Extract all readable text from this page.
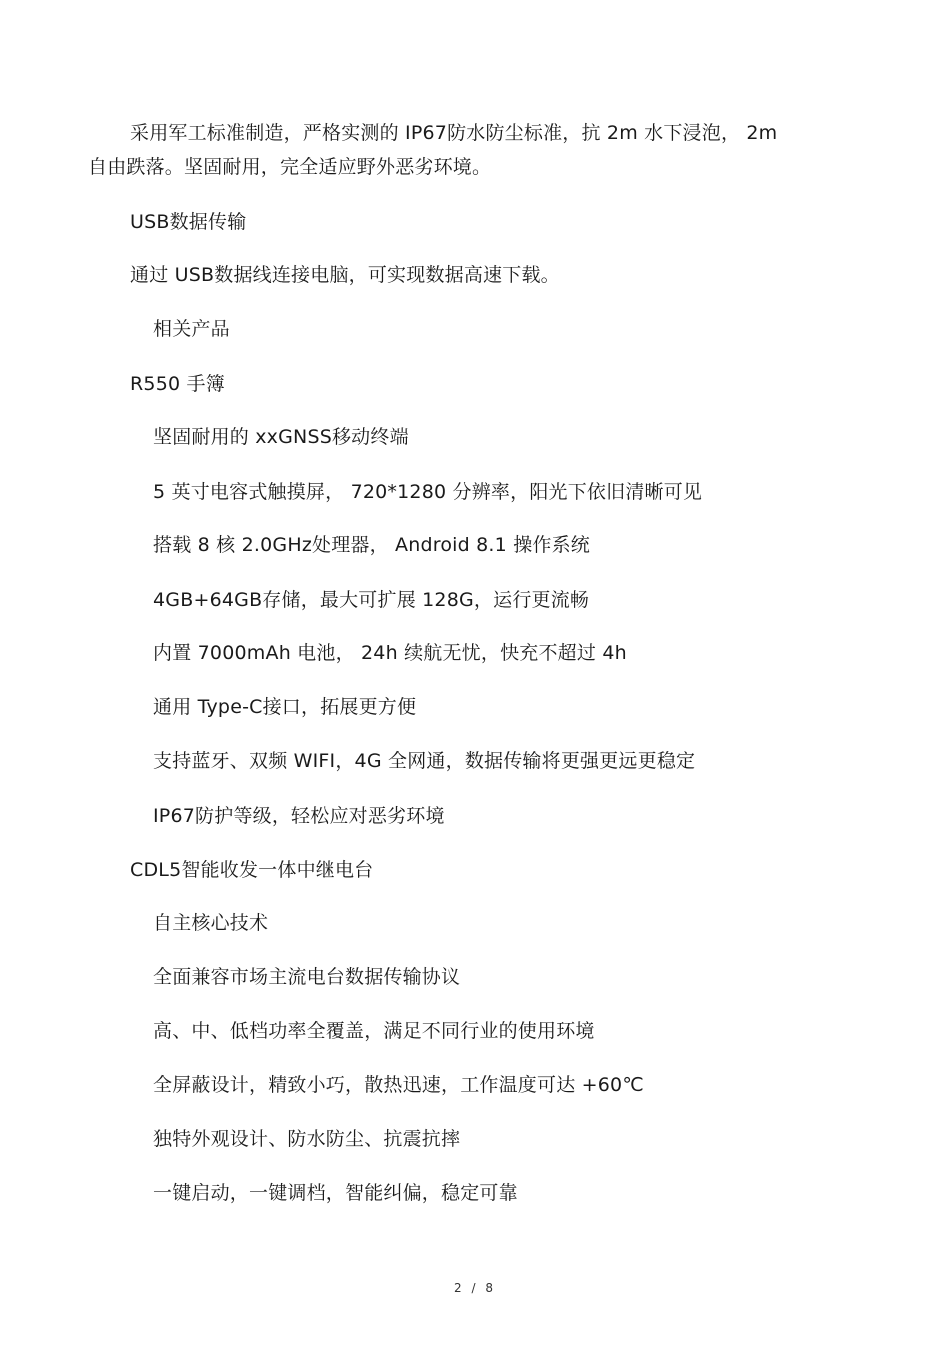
采用军工标准制造，严格实测的 IP67防水防尘标准，抗 2m 水下浸泡， 2m
自由跌落。坚固耐用，完全适应野外恶劣环境。
USB数据传输
通过 USB数据线连接电脑，可实现数据高速下载。
相关产品
R550 手簿
坚固耐用的 xxGNSS移动终端
5 英寸电容式触摸屏， 720*1280 分辨率，阳光下依旧清晰可见
搭载 8 核 2.0GHz处理器， Android 8.1 操作系统
4GB+64GB存储，最大可扩展 128G，运行更流畅
内置 7000mAh 电池， 24h 续航无忧，快充不超过 4h
通用 Type-C接口，拓展更方便
支持蓝牙、双频 WIFI，4G 全网通，数据传输将更强更远更稳定
IP67防护等级，轻松应对恶劣环境
CDL5智能收发一体中继电台
自主核心技术
全面兼容市场主流电台数据传输协议
高、中、低档功率全覆盖，满足不同行业的使用环境
全屏蔽设计，精致小巧，散热迅速，工作温度可达 +60℃
独特外观设计、防水防尘、抗震抗摔
一键启动，一键调档，智能纠偏，稳定可靠
2 / 8
